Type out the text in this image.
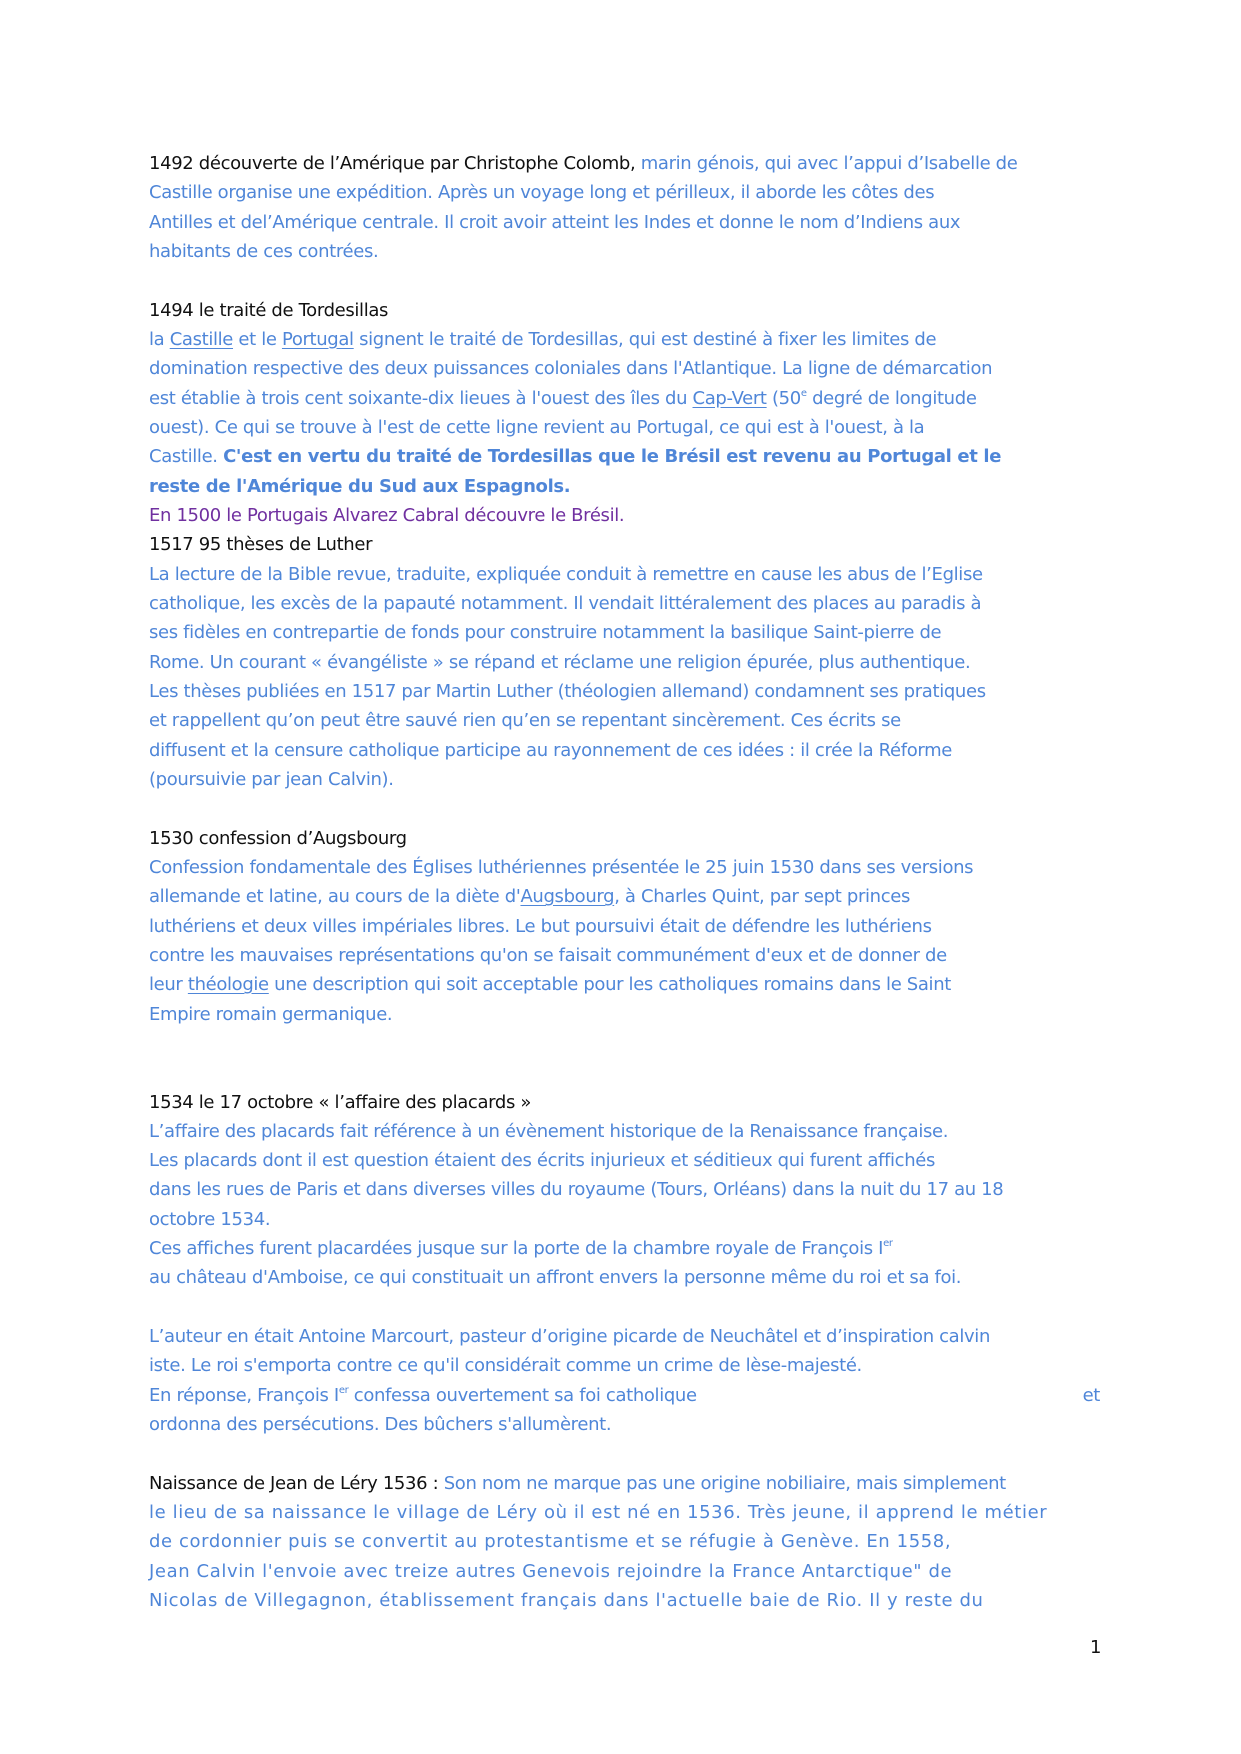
1492 découverte de l’Amérique par Christophe Colomb, marin génois, qui avec l’appui d’Isabelle de
Castille organise une expédition. Après un voyage long et périlleux, il aborde les côtes des
Antilles et del’Amérique centrale. Il croit avoir atteint les Indes et donne le nom d’Indiens aux
habitants de ces contrées.
1494 le traité de Tordesillas
la Castille et le Portugal signent le traité de Tordesillas, qui est destiné à fixer les limites de
domination respective des deux puissances coloniales dans l'Atlantique. La ligne de démarcation
est établie à trois cent soixante-dix lieues à l'ouest des îles du Cap-Vert (50e degré de longitude
ouest). Ce qui se trouve à l'est de cette ligne revient au Portugal, ce qui est à l'ouest, à la
Castille. C'est en vertu du traité de Tordesillas que le Brésil est revenu au Portugal et le
reste de l'Amérique du Sud aux Espagnols.
En 1500 le Portugais Alvarez Cabral découvre le Brésil.
1517 95 thèses de Luther
La lecture de la Bible revue, traduite, expliquée conduit à remettre en cause les abus de l’Eglise
catholique, les excès de la papauté notamment. Il vendait littéralement des places au paradis à
ses fidèles en contrepartie de fonds pour construire notamment la basilique Saint-pierre de
Rome. Un courant « évangéliste » se répand et réclame une religion épurée, plus authentique.
Les thèses publiées en 1517 par Martin Luther (théologien allemand) condamnent ses pratiques
et rappellent qu’on peut être sauvé rien qu’en se repentant sincèrement. Ces écrits se
diffusent et la censure catholique participe au rayonnement de ces idées : il crée la Réforme
(poursuivie par jean Calvin).
1530 confession d’Augsbourg
Confession fondamentale des Églises luthériennes présentée le 25 juin 1530 dans ses versions
allemande et latine, au cours de la diète d'Augsbourg, à Charles Quint, par sept princes
luthériens et deux villes impériales libres. Le but poursuivi était de défendre les luthériens
contre les mauvaises représentations qu'on se faisait communément d'eux et de donner de
leur théologie une description qui soit acceptable pour les catholiques romains dans le Saint
Empire romain germanique.
1534 le 17 octobre « l’affaire des placards »
L’affaire des placards fait référence à un évènement historique de la Renaissance française.
Les placards dont il est question étaient des écrits injurieux et séditieux qui furent affichés
dans les rues de Paris et dans diverses villes du royaume (Tours, Orléans) dans la nuit du 17 au 18
octobre 1534.
Ces affiches furent placardées jusque sur la porte de la chambre royale de François Ier
au château d'Amboise, ce qui constituait un affront envers la personne même du roi et sa foi.
L’auteur en était Antoine Marcourt, pasteur d’origine picarde de Neuchâtel et d’inspiration calvin
iste. Le roi s'emporta contre ce qu'il considérait comme un crime de lèse-majesté.
En réponse, François Ier confessa ouvertement sa foi catholique	et
ordonna des persécutions. Des bûchers s'allumèrent.
Naissance de Jean de Léry 1536 : Son nom ne marque pas une origine nobiliaire, mais simplement
le lieu de sa naissance le village de Léry où il est né en 1536. Très jeune, il apprend le métier
de cordonnier puis se convertit au protestantisme et se réfugie à Genève. En 1558,
Jean Calvin l'envoie avec treize autres Genevois rejoindre la France Antarctique" de
Nicolas de Villegagnon, établissement français dans l'actuelle baie de Rio. Il y reste du
1
